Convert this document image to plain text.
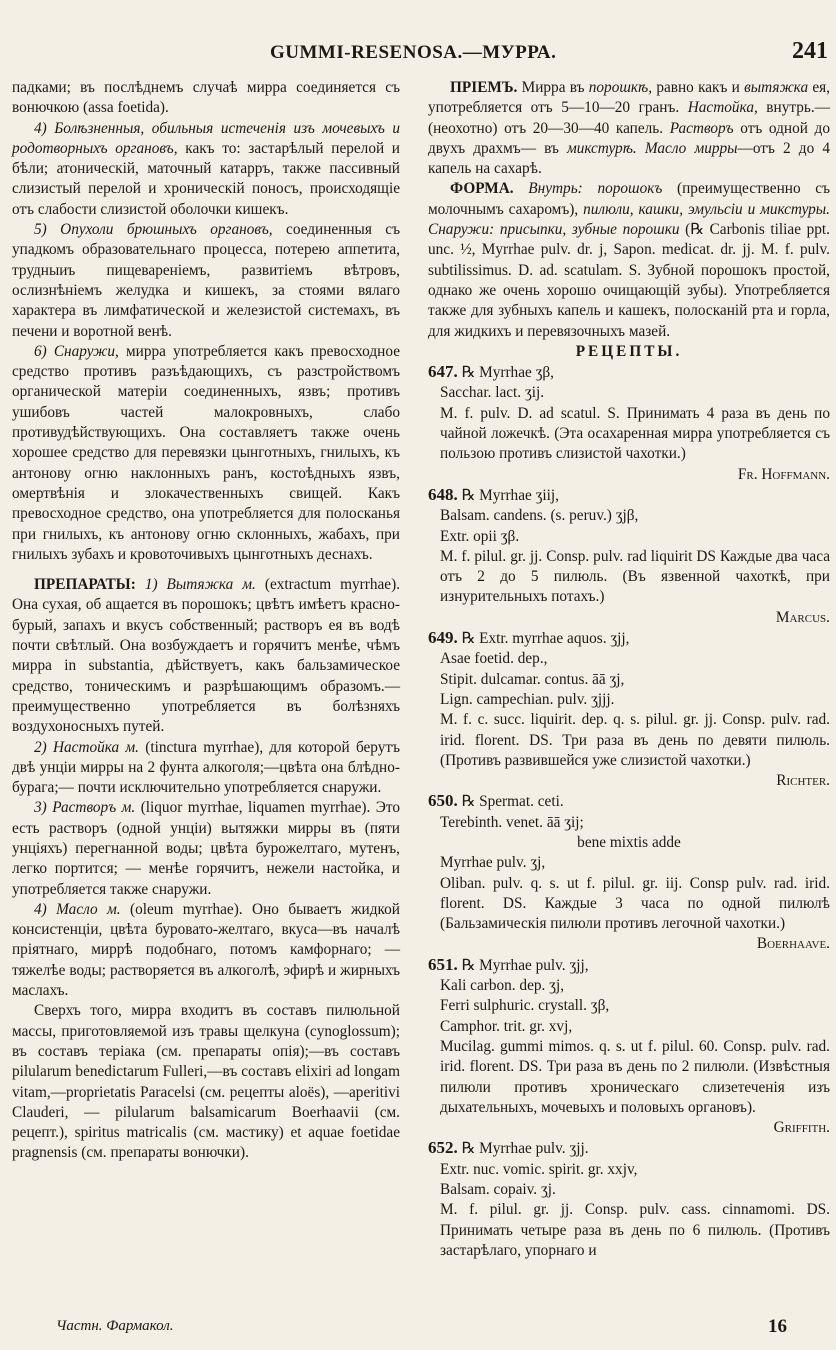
GUMMI-RESENOSA.—МУРРА.	241

падками; въ послѣднемъ случаѣ мирра соединяется съ вонючкою (assa foetida).

4) Болѣзненныя, обильныя истеченія изъ мочевыхъ и родотворныхъ органовъ, какъ то: застарѣлый перелой и бѣли; атоническій, маточный катарръ, также пассивный слизистый перелой и хроническій поносъ, происходящіе отъ слабости слизистой оболочки кишекъ.

5) Опухоли брюшныхъ органовъ, соединенныя съ упадкомъ образовательнаго процесса, потерею аппетита, трудныиъ пищевареніемъ, развитіемъ вѣтровъ, ослизнѣніемъ желудка и кишекъ, за стоями вялаго характера въ лимфатической и железистой системахъ, въ печени и воротной венѣ.

6) Снаружи, мирра употребляется какъ превосходное средство противъ разъѣдающихъ, съ разстройствомъ органической матеріи соединенныхъ, язвъ; противъ ушибовъ частей малокровныхъ, слабо противудѣйствующихъ. Она составляетъ также очень хорошее средство для перевязки цынготныхъ, гнилыхъ, къ антонову огню наклонныхъ ранъ, костоѣдныхъ язвъ, омертвѣнія и злокачественныхъ свищей. Какъ превосходное средство, она употребляется для полосканья при гнилыхъ, къ антонову огню склонныхъ, жабахъ, при гнилыхъ зубахъ и кровоточивыхъ цынготныхъ деснахъ.

ПРЕПАРАТЫ: 1) Вытяжка м. (extractum myrrhae). Она сухая, об ащается въ порошокъ; цвѣтъ имѣетъ красно-бурый, запахъ и вкусъ собственный; растворъ ея въ водѣ почти свѣтлый. Она возбуждаетъ и горячитъ менѣе, чѣмъ мирра in substantia, дѣйствуетъ, какъ бальзамическое средство, тоническимъ и разрѣшающимъ образомъ.— преимущественно употребляется въ болѣзняхъ воздухоносныхъ путей.

2) Настойка м. (tinctura myrrhae), для которой берутъ двѣ унціи мирры на 2 фунта алкоголя;—цвѣта она блѣдно-бурага;— почти исключительно употребляется снаружи.

3) Растворъ м. (liquor myrrhae, liquamen myrrhae). Это есть растворъ (одной унціи) вытяжки мирры въ (пяти унціяхъ) перегнанной воды; цвѣта бурожелтаго, мутенъ, легко портится; — менѣе горячитъ, нежели настойка, и употребляется также снаружи.

4) Масло м. (oleum myrrhae). Оно бываетъ жидкой консистенціи, цвѣта буровато-желтаго, вкуса—въ началѣ пріятнаго, миррѣ подобнаго, потомъ камфорнаго; — тяжелѣе воды; растворяется въ алкоголѣ, эфирѣ и жирныхъ маслахъ.

Сверхъ того, мирра входитъ въ составъ пилюльной массы, приготовляемой изъ травы щелкуна (cynoglossum); въ составъ теріака (см. препараты опія);—въ составъ pilularum benedictarum Fulleri,—въ составъ elixiri ad longam vitam,—proprietatis Paracelsi (см. рецепты aloës), —aperitivi Clauderi, — pilularum balsamicarum Boerhaavii (см. рецепт.), spiritus matricalis (см. мастику) et aquae foetidae pragnensis (см. препараты вонючки).

ПРІЕМЪ. Мирра въ порошкѣ, равно какъ и вытяжка ея, употребляется отъ 5—10—20 гранъ. Настойка, внутрь.—(неохотно) отъ 20—30—40 капель. Растворъ отъ одной до двухъ драхмъ— въ микстурѣ. Масло мирры—отъ 2 до 4 капель на сахарѣ.

ФОРМА. Внутрь: порошокъ (преимущественно съ молочнымъ сахаромъ), пилюли, кашки, эмульсіи и микстуры. Снаружи: присыпки, зубные порошки (℞ Carbonis tiliae ppt. unc. ½, Myrrhae pulv. dr. j, Sapon. medicat. dr. jj. M. f. pulv. subtilissimus. D. ad. scatulam. S. Зубной порошокъ простой, однако же очень хорошо очищающій зубы). Употребляется также для зубныхъ капель и кашекъ, полосканій рта и горла, для жидкихъ и перевязочныхъ мазей.

РЕЦЕПТЫ.

647. ℞ Myrrhae ʒβ,
Sacchar. lact. ʒij.
M. f. pulv. D. ad scatul. S. Принимать 4 раза въ день по чайной ложечкѣ. (Эта осахаренная мирра употребляется съ пользою противъ слизистой чахотки.)
Fr. Hoffmann.
648. ℞ Myrrhae ʒiij,
Balsam. candens. (s. peruv.) ʒjβ,
Extr. opii ʒβ.
M. f. pilul. gr. jj. Consp. pulv. rad liquirit DS Каждые два часа отъ 2 до 5 пилюль. (Въ язвенной чахоткѣ, при изнурительныхъ потахъ.)
Marcus.
649. ℞ Extr. myrrhae aquos. ʒjj,
Asae foetid. dep.,
Stipit. dulcamar. contus. āā ʒj,
Lign. campechian. pulv. ʒjjj.
M. f. c. succ. liquirit. dep. q. s. pilul. gr. jj. Consp. pulv. rad. irid. florent. DS. Три раза въ день по девяти пилюль. (Противъ развившейся уже слизистой чахотки.)
Richter.
650. ℞ Spermat. ceti.
Terebinth. venet. āā ʒij;
bene mixtis adde
Myrrhae pulv. ʒj,
Oliban. pulv. q. s. ut f. pilul. gr. iij. Consp pulv. rad. irid. florent. DS. Каждые 3 часа по одной пилюлѣ (Бальзамическія пилюли противъ легочной чахотки.)
Boerhaave.
651. ℞ Myrrhae pulv. ʒjj,
Kali carbon. dep. ʒj,
Ferri sulphuric. crystall. ʒβ,
Camphor. trit. gr. xvj,
Mucilag. gummi mimos. q. s. ut f. pilul. 60. Consp. pulv. rad. irid. florent. DS. Три раза въ день по 2 пилюли. (Извѣстныя пилюли противъ хроническаго слизетеченія изъ дыхательныхъ, мочевыхъ и половыхъ органовъ).
Griffith.
652. ℞ Myrrhae pulv. ʒjj.
Extr. nuc. vomic. spirit. gr. xxjv,
Balsam. copaiv. ʒj.
M. f. pilul. gr. jj. Consp. pulv. cass. cinnamomi. DS. Принимать четыре раза въ день по 6 пилюль. (Противъ застарѣлаго, упорнаго и
Частн. Фармакол.	16
